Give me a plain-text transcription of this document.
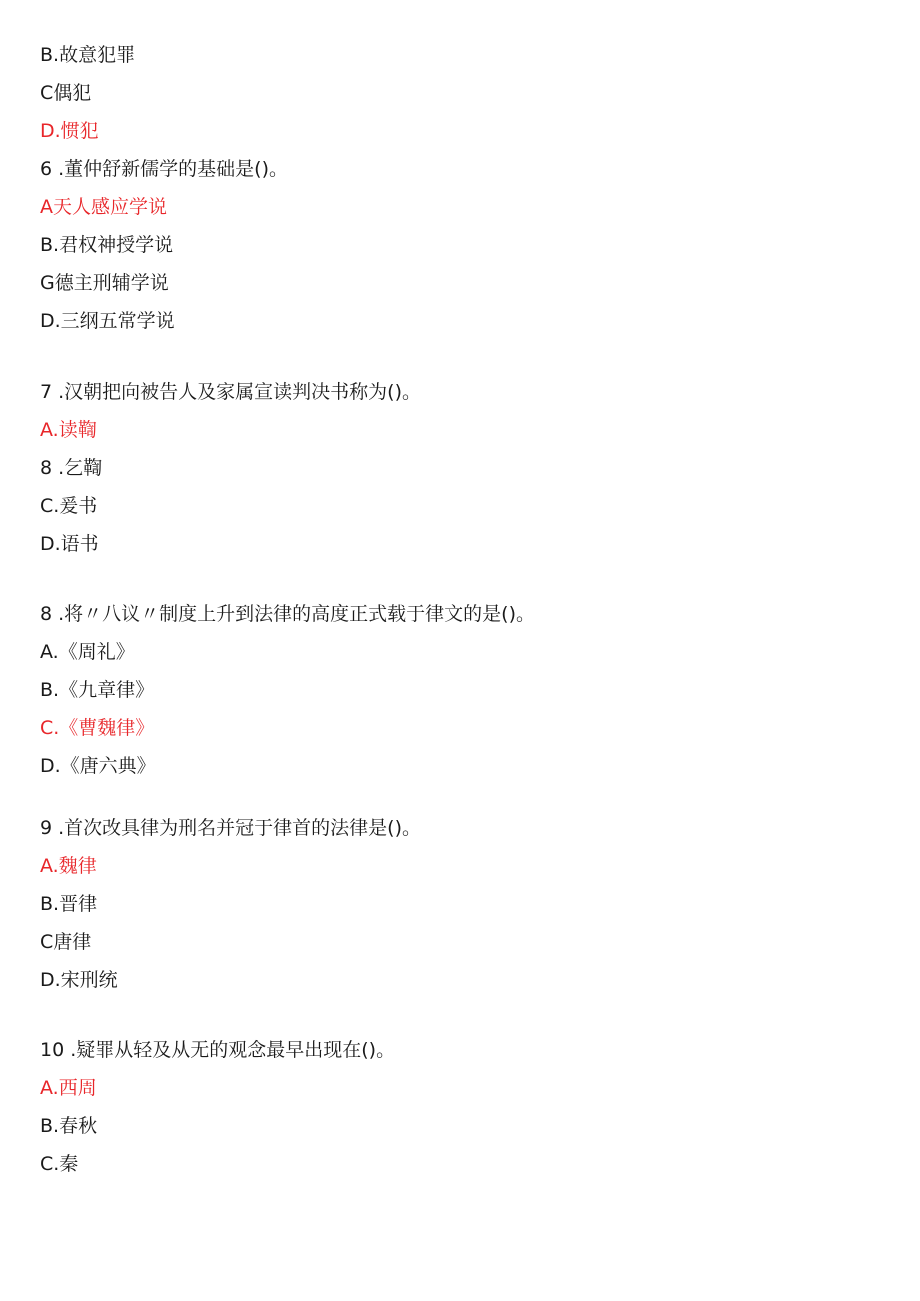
B.故意犯罪
C偶犯
D.惯犯
6 .董仲舒新儒学的基础是()。
A天人感应学说
B.君权神授学说
G德主刑辅学说
D.三纲五常学说
7 .汉朝把向被告人及家属宣读判决书称为()。
A.读鞫
8 .乞鞫
C.爰书
D.语书
8 .将〃八议〃制度上升到法律的高度正式载于律文的是()。
A.《周礼》
B.《九章律》
C.《曹魏律》
D.《唐六典》
9 .首次改具律为刑名并冠于律首的法律是()。
A.魏律
B.晋律
C唐律
D.宋刑统
10 .疑罪从轻及从无的观念最早出现在()。
A.西周
B.春秋
C.秦
